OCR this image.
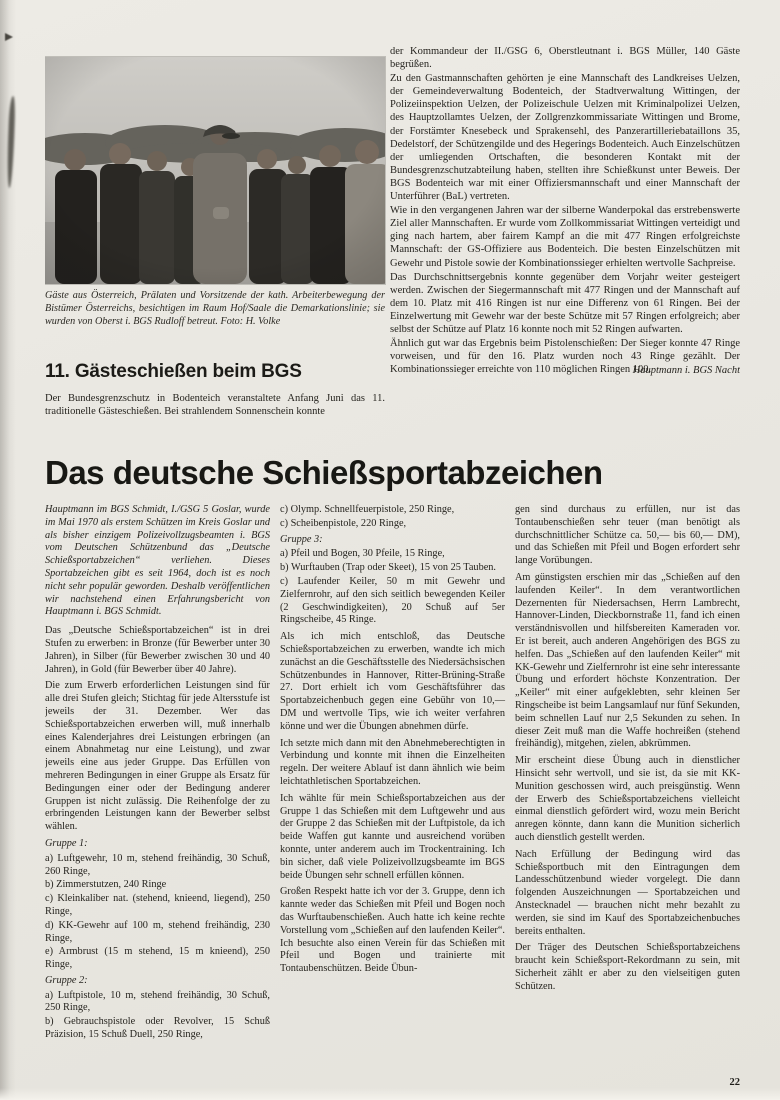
Gäste aus Österreich, Prälaten und Vorsitzende der kath. Arbeiterbewegung der Bistümer Österreichs, besichtigen im Raum Hof/Saale die Demarkationslinie; sie wurden von Oberst i. BGS Rudloff betreut. Foto: H. Volke

11. Gästeschießen beim BGS

Der Bundesgrenzschutz in Bodenteich veranstaltete Anfang Juni das 11. traditionelle Gästeschießen. Bei strahlendem Sonnenschein konnte

der Kommandeur der II./GSG 6, Oberstleutnant i. BGS Müller, 140 Gäste begrüßen.

Zu den Gastmannschaften gehörten je eine Mannschaft des Landkreises Uelzen, der Gemeindeverwaltung Bodenteich, der Stadtverwaltung Wittingen, der Polizeiinspektion Uelzen, der Polizeischule Uelzen mit Kriminalpolizei Uelzen, des Hauptzollamtes Uelzen, der Zollgrenzkommissariate Wittingen und Brome, der Forstämter Knesebeck und Sprakensehl, des Panzerartilleriebataillons 35, Dedelstorf, der Schützengilde und des Hegerings Bodenteich. Auch Einzelschützen der umliegenden Ortschaften, die besonderen Kontakt mit der Bundesgrenzschutzabteilung haben, stellten ihre Schießkunst unter Beweis. Der BGS Bodenteich war mit einer Offiziersmannschaft und einer Mannschaft der Unterführer (BaL) vertreten.

Wie in den vergangenen Jahren war der silberne Wanderpokal das erstrebenswerte Ziel aller Mannschaften. Er wurde vom Zollkommissariat Wittingen verteidigt und ging nach hartem, aber fairem Kampf an die mit 477 Ringen erfolgreichste Mannschaft: der GS-Offiziere aus Bodenteich. Die besten Einzelschützen mit Gewehr und Pistole sowie der Kombinationssieger erhielten wertvolle Sachpreise.

Das Durchschnittsergebnis konnte gegenüber dem Vorjahr weiter gesteigert werden. Zwischen der Siegermannschaft mit 477 Ringen und der Mannschaft auf dem 10. Platz mit 416 Ringen ist nur eine Differenz von 61 Ringen. Bei der Einzelwertung mit Gewehr war der beste Schütze mit 57 Ringen erfolgreich; aber selbst der Schütze auf Platz 16 konnte noch mit 52 Ringen aufwarten.

Ähnlich gut war das Ergebnis beim Pistolenschießen: Der Sieger konnte 47 Ringe vorweisen, und für den 16. Platz wurden noch 43 Ringe gezählt. Der Kombinationssieger erreichte von 110 möglichen Ringen 100.

Hauptmann i. BGS Nacht
Das deutsche Schießsportabzeichen

Hauptmann im BGS Schmidt, I./GSG 5 Goslar, wurde im Mai 1970 als erstem Schützen im Kreis Goslar und als bisher einzigem Polizeivollzugsbeamten i. BGS vom Deutschen Schützenbund das „Deutsche Schießsportabzeichen“ verliehen. Dieses Sportabzeichen gibt es seit 1964, doch ist es noch nicht sehr populär geworden. Deshalb veröffentlichen wir nachstehend einen Erfahrungsbericht von Hauptmann i. BGS Schmidt.

Das „Deutsche Schießsportabzeichen“ ist in drei Stufen zu erwerben: in Bronze (für Bewerber unter 30 Jahren), in Silber (für Bewerber zwischen 30 und 40 Jahren), in Gold (für Bewerber über 40 Jahre).

Die zum Erwerb erforderlichen Leistungen sind für alle drei Stufen gleich; Stichtag für jede Altersstufe ist jeweils der 31. Dezember. Wer das Schießsportabzeichen erwerben will, muß innerhalb eines Kalenderjahres drei Leistungen erbringen (an einem Abnahmetag nur eine Leistung), und zwar jeweils eine aus jeder Gruppe. Das Erfüllen von mehreren Bedingungen in einer Gruppe als Ersatz für Bedingungen einer oder der Bedingung anderer Gruppen ist nicht zulässig. Die Reihenfolge der zu erbringenden Leistungen kann der Bewerber selbst wählen.

Gruppe 1:

a) Luftgewehr, 10 m, stehend freihändig, 30 Schuß, 260 Ringe,

b) Zimmerstutzen, 240 Ringe

c) Kleinkaliber nat. (stehend, knieend, liegend), 250 Ringe,

d) KK-Gewehr auf 100 m, stehend freihändig, 230 Ringe,

e) Armbrust (15 m stehend, 15 m knieend), 250 Ringe,

Gruppe 2:

a) Luftpistole, 10 m, stehend freihändig, 30 Schuß, 250 Ringe,

b) Gebrauchspistole oder Revolver, 15 Schuß Präzision, 15 Schuß Duell, 250 Ringe,

c) Olymp. Schnellfeuerpistole, 250 Ringe,

c) Scheibenpistole, 220 Ringe,

Gruppe 3:

a) Pfeil und Bogen, 30 Pfeile, 15 Ringe,

b) Wurftauben (Trap oder Skeet), 15 von 25 Tauben.

c) Laufender Keiler, 50 m mit Gewehr und Zielfernrohr, auf den sich seitlich bewegenden Keiler (2 Geschwindigkeiten), 20 Schuß auf 5er Ringscheibe, 45 Ringe.

Als ich mich entschloß, das Deutsche Schießsportabzeichen zu erwerben, wandte ich mich zunächst an die Geschäftsstelle des Niedersächsischen Schützenbundes in Hannover, Ritter-Brüning-Straße 27. Dort erhielt ich vom Geschäftsführer das Sportabzeichenbuch gegen eine Gebühr von 10,— DM und wertvolle Tips, wie ich weiter verfahren könne und wer die Übungen abnehmen dürfe.

Ich setzte mich dann mit den Abnehmeberechtigten in Verbindung und konnte mit ihnen die Einzelheiten regeln. Der weitere Ablauf ist dann ähnlich wie beim leichtathletischen Sportabzeichen.

Ich wählte für mein Schießsportabzeichen aus der Gruppe 1 das Schießen mit dem Luftgewehr und aus der Gruppe 2 das Schießen mit der Luftpistole, da ich beide Waffen gut kannte und ausreichend vorüben konnte, unter anderem auch im Trockentraining. Ich bin sicher, daß viele Polizeivollzugsbeamte im BGS beide Übungen sehr schnell erfüllen können.

Großen Respekt hatte ich vor der 3. Gruppe, denn ich kannte weder das Schießen mit Pfeil und Bogen noch das Wurftaubenschießen. Auch hatte ich keine rechte Vorstellung vom „Schießen auf den laufenden Keiler“. Ich besuchte also einen Verein für das Schießen mit Pfeil und Bogen und trainierte mit Tontaubenschützen. Beide Übun-

gen sind durchaus zu erfüllen, nur ist das Tontaubenschießen sehr teuer (man benötigt als durchschnittlicher Schütze ca. 50,— bis 60,— DM), und das Schießen mit Pfeil und Bogen erfordert sehr lange Vorübungen.

Am günstigsten erschien mir das „Schießen auf den laufenden Keiler“. In dem verantwortlichen Dezernenten für Niedersachsen, Herrn Lambrecht, Hannover-Linden, Dieckbornstraße 11, fand ich einen verständnisvollen und hilfsbereiten Kameraden vor. Er ist bereit, auch anderen Angehörigen des BGS zu helfen. Das „Schießen auf den laufenden Keiler“ mit KK-Gewehr und Zielfernrohr ist eine sehr interessante Übung und erfordert höchste Konzentration. Der „Keiler“ mit einer aufgeklebten, sehr kleinen 5er Ringscheibe ist beim Langsamlauf nur fünf Sekunden, beim schnellen Lauf nur 2,5 Sekunden zu sehen. In dieser Zeit muß man die Waffe hochreißen (stehend freihändig), mitgehen, zielen, abkrümmen.

Mir erscheint diese Übung auch in dienstlicher Hinsicht sehr wertvoll, und sie ist, da sie mit KK-Munition geschossen wird, auch preisgünstig. Wenn der Erwerb des Schießsportabzeichens vielleicht einmal dienstlich gefördert wird, wozu mein Bericht anregen könnte, dann kann die Munition sicherlich auch dienstlich gestellt werden.

Nach Erfüllung der Bedingung wird das Schießsportbuch mit den Eintragungen dem Landesschützenbund wieder vorgelegt. Die dann folgenden Auszeichnungen — Sportabzeichen und Anstecknadel — brauchen nicht mehr bezahlt zu werden, sie sind im Kauf des Sportabzeichenbuches bereits enthalten.

Der Träger des Deutschen Schießsportabzeichens braucht kein Schießsport-Rekordmann zu sein, mit Sicherheit zählt er aber zu den vielseitigen guten Schützen.

22
